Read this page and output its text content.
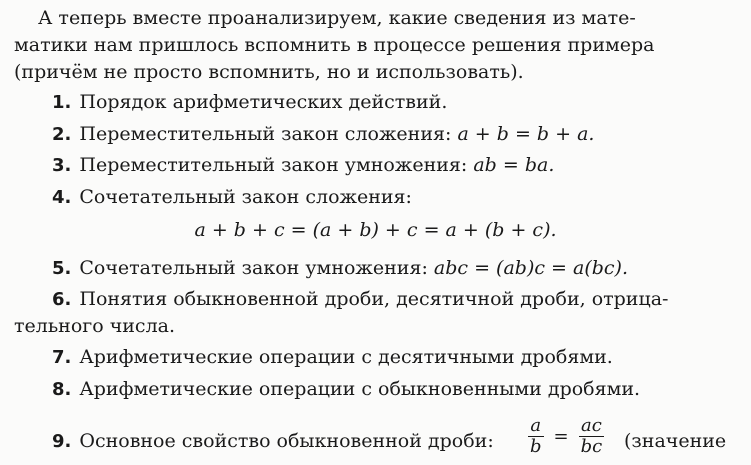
А теперь вместе проанализируем, какие сведения из мате-
матики нам пришлось вспомнить в процессе решения примера
(причём не просто вспомнить, но и использовать).
1. Порядок арифметических действий.
2. Переместительный закон сложения: a + b = b + a.
3. Переместительный закон умножения: ab = ba.
4. Сочетательный закон сложения:
a + b + c = (a + b) + c = a + (b + c).
5. Сочетательный закон умножения: abc = (ab)c = a(bc).
6. Понятия обыкновенной дроби, десятичной дроби, отрица-
тельного числа.
7. Арифметические операции с десятичными дробями.
8. Арифметические операции с обыкновенными дробями.
9. Основное свойство обыкновенной дроби: $\frac{a}{b} = \frac{ac}{bc}$ (значение
